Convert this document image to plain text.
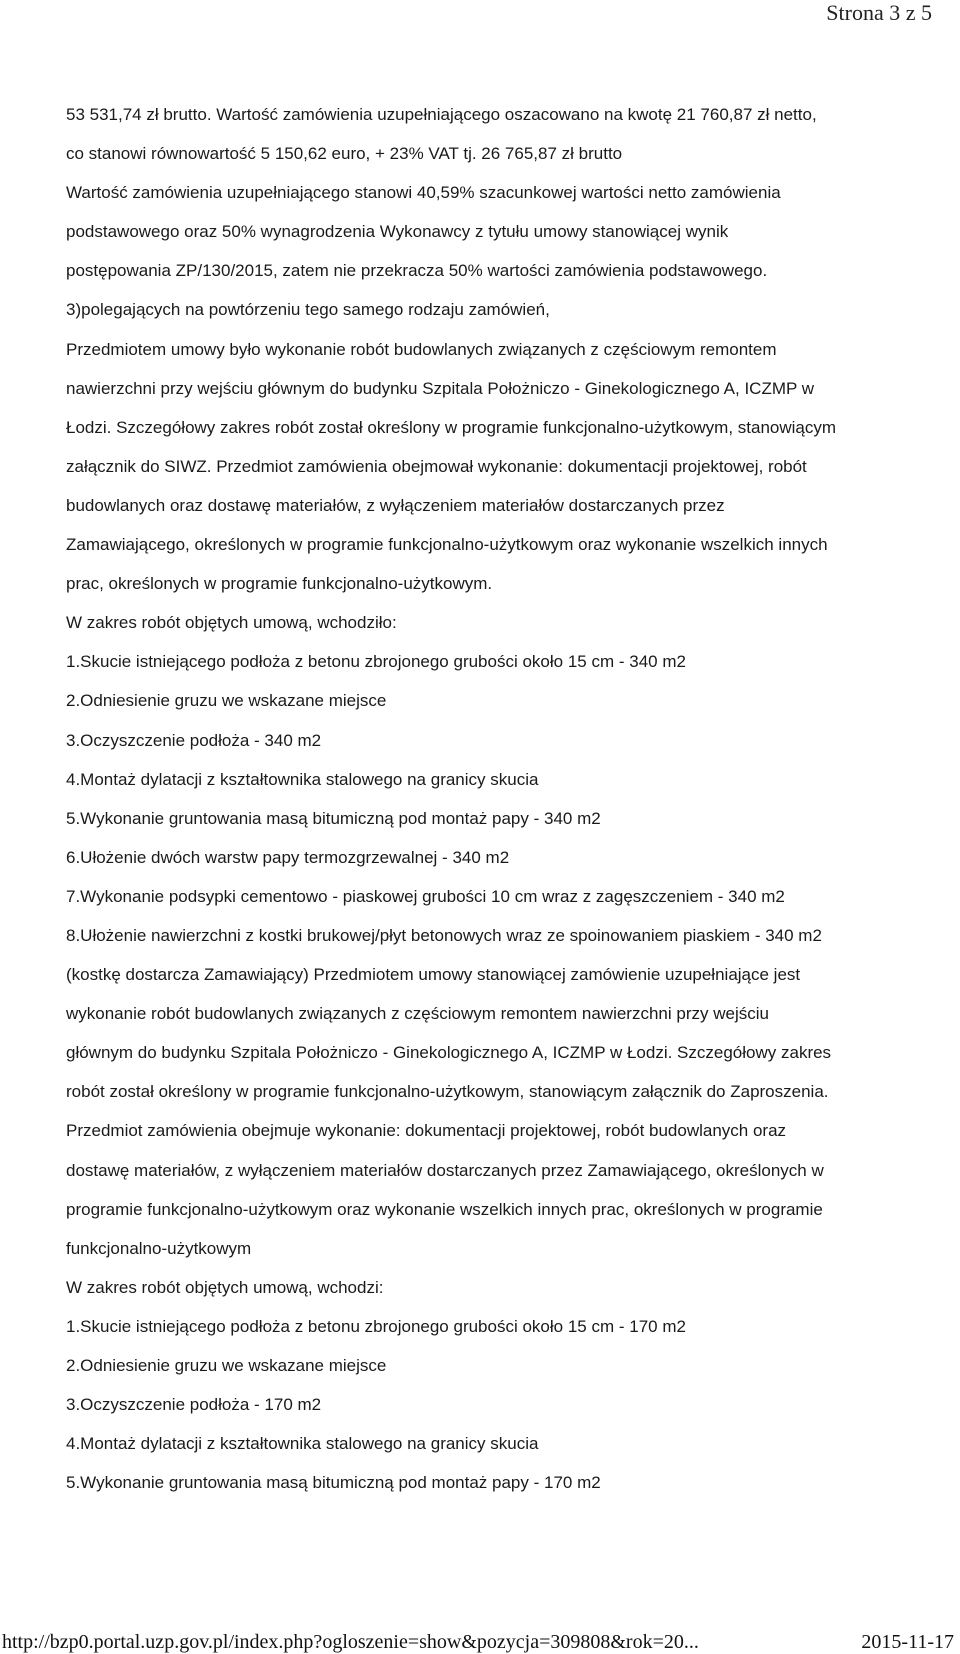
Strona 3 z 5
53 531,74 zł brutto. Wartość zamówienia uzupełniającego oszacowano na kwotę 21 760,87 zł netto,
co stanowi równowartość 5 150,62 euro, + 23% VAT tj. 26 765,87 zł brutto
Wartość zamówienia uzupełniającego stanowi 40,59% szacunkowej wartości netto zamówienia
podstawowego oraz 50% wynagrodzenia Wykonawcy z tytułu umowy stanowiącej wynik
postępowania ZP/130/2015, zatem nie przekracza 50% wartości zamówienia podstawowego.
3)polegających na powtórzeniu tego samego rodzaju zamówień,
Przedmiotem umowy było wykonanie robót budowlanych związanych z częściowym remontem
nawierzchni przy wejściu głównym do budynku Szpitala Położniczo - Ginekologicznego A, ICZMP w
Łodzi. Szczegółowy zakres robót został określony w programie funkcjonalno-użytkowym, stanowiącym
załącznik do SIWZ. Przedmiot zamówienia obejmował wykonanie: dokumentacji projektowej, robót
budowlanych oraz dostawę materiałów, z wyłączeniem materiałów dostarczanych przez
Zamawiającego, określonych w programie funkcjonalno-użytkowym oraz wykonanie wszelkich innych
prac, określonych w programie funkcjonalno-użytkowym.
W zakres robót objętych umową, wchodziło:
1.Skucie istniejącego podłoża z betonu zbrojonego grubości około 15 cm - 340 m2
2.Odniesienie gruzu we wskazane miejsce
3.Oczyszczenie podłoża - 340 m2
4.Montaż dylatacji z kształtownika stalowego na granicy skucia
5.Wykonanie gruntowania masą bitumiczną pod montaż papy - 340 m2
6.Ułożenie dwóch warstw papy termozgrzewalnej - 340 m2
7.Wykonanie podsypki cementowo - piaskowej grubości 10 cm wraz z zagęszczeniem - 340 m2
8.Ułożenie nawierzchni z kostki brukowej/płyt betonowych wraz ze spoinowaniem piaskiem - 340 m2
(kostkę dostarcza Zamawiający) Przedmiotem umowy stanowiącej zamówienie uzupełniające jest
wykonanie robót budowlanych związanych z częściowym remontem nawierzchni przy wejściu
głównym do budynku Szpitala Położniczo - Ginekologicznego A, ICZMP w Łodzi. Szczegółowy zakres
robót został określony w programie funkcjonalno-użytkowym, stanowiącym załącznik do Zaproszenia.
Przedmiot zamówienia obejmuje wykonanie: dokumentacji projektowej, robót budowlanych oraz
dostawę materiałów, z wyłączeniem materiałów dostarczanych przez Zamawiającego, określonych w
programie funkcjonalno-użytkowym oraz wykonanie wszelkich innych prac, określonych w programie
funkcjonalno-użytkowym
W zakres robót objętych umową, wchodzi:
1.Skucie istniejącego podłoża z betonu zbrojonego grubości około 15 cm - 170 m2
2.Odniesienie gruzu we wskazane miejsce
3.Oczyszczenie podłoża - 170 m2
4.Montaż dylatacji z kształtownika stalowego na granicy skucia
5.Wykonanie gruntowania masą bitumiczną pod montaż papy - 170 m2
http://bzp0.portal.uzp.gov.pl/index.php?ogloszenie=show&pozycja=309808&rok=20...	2015-11-17
